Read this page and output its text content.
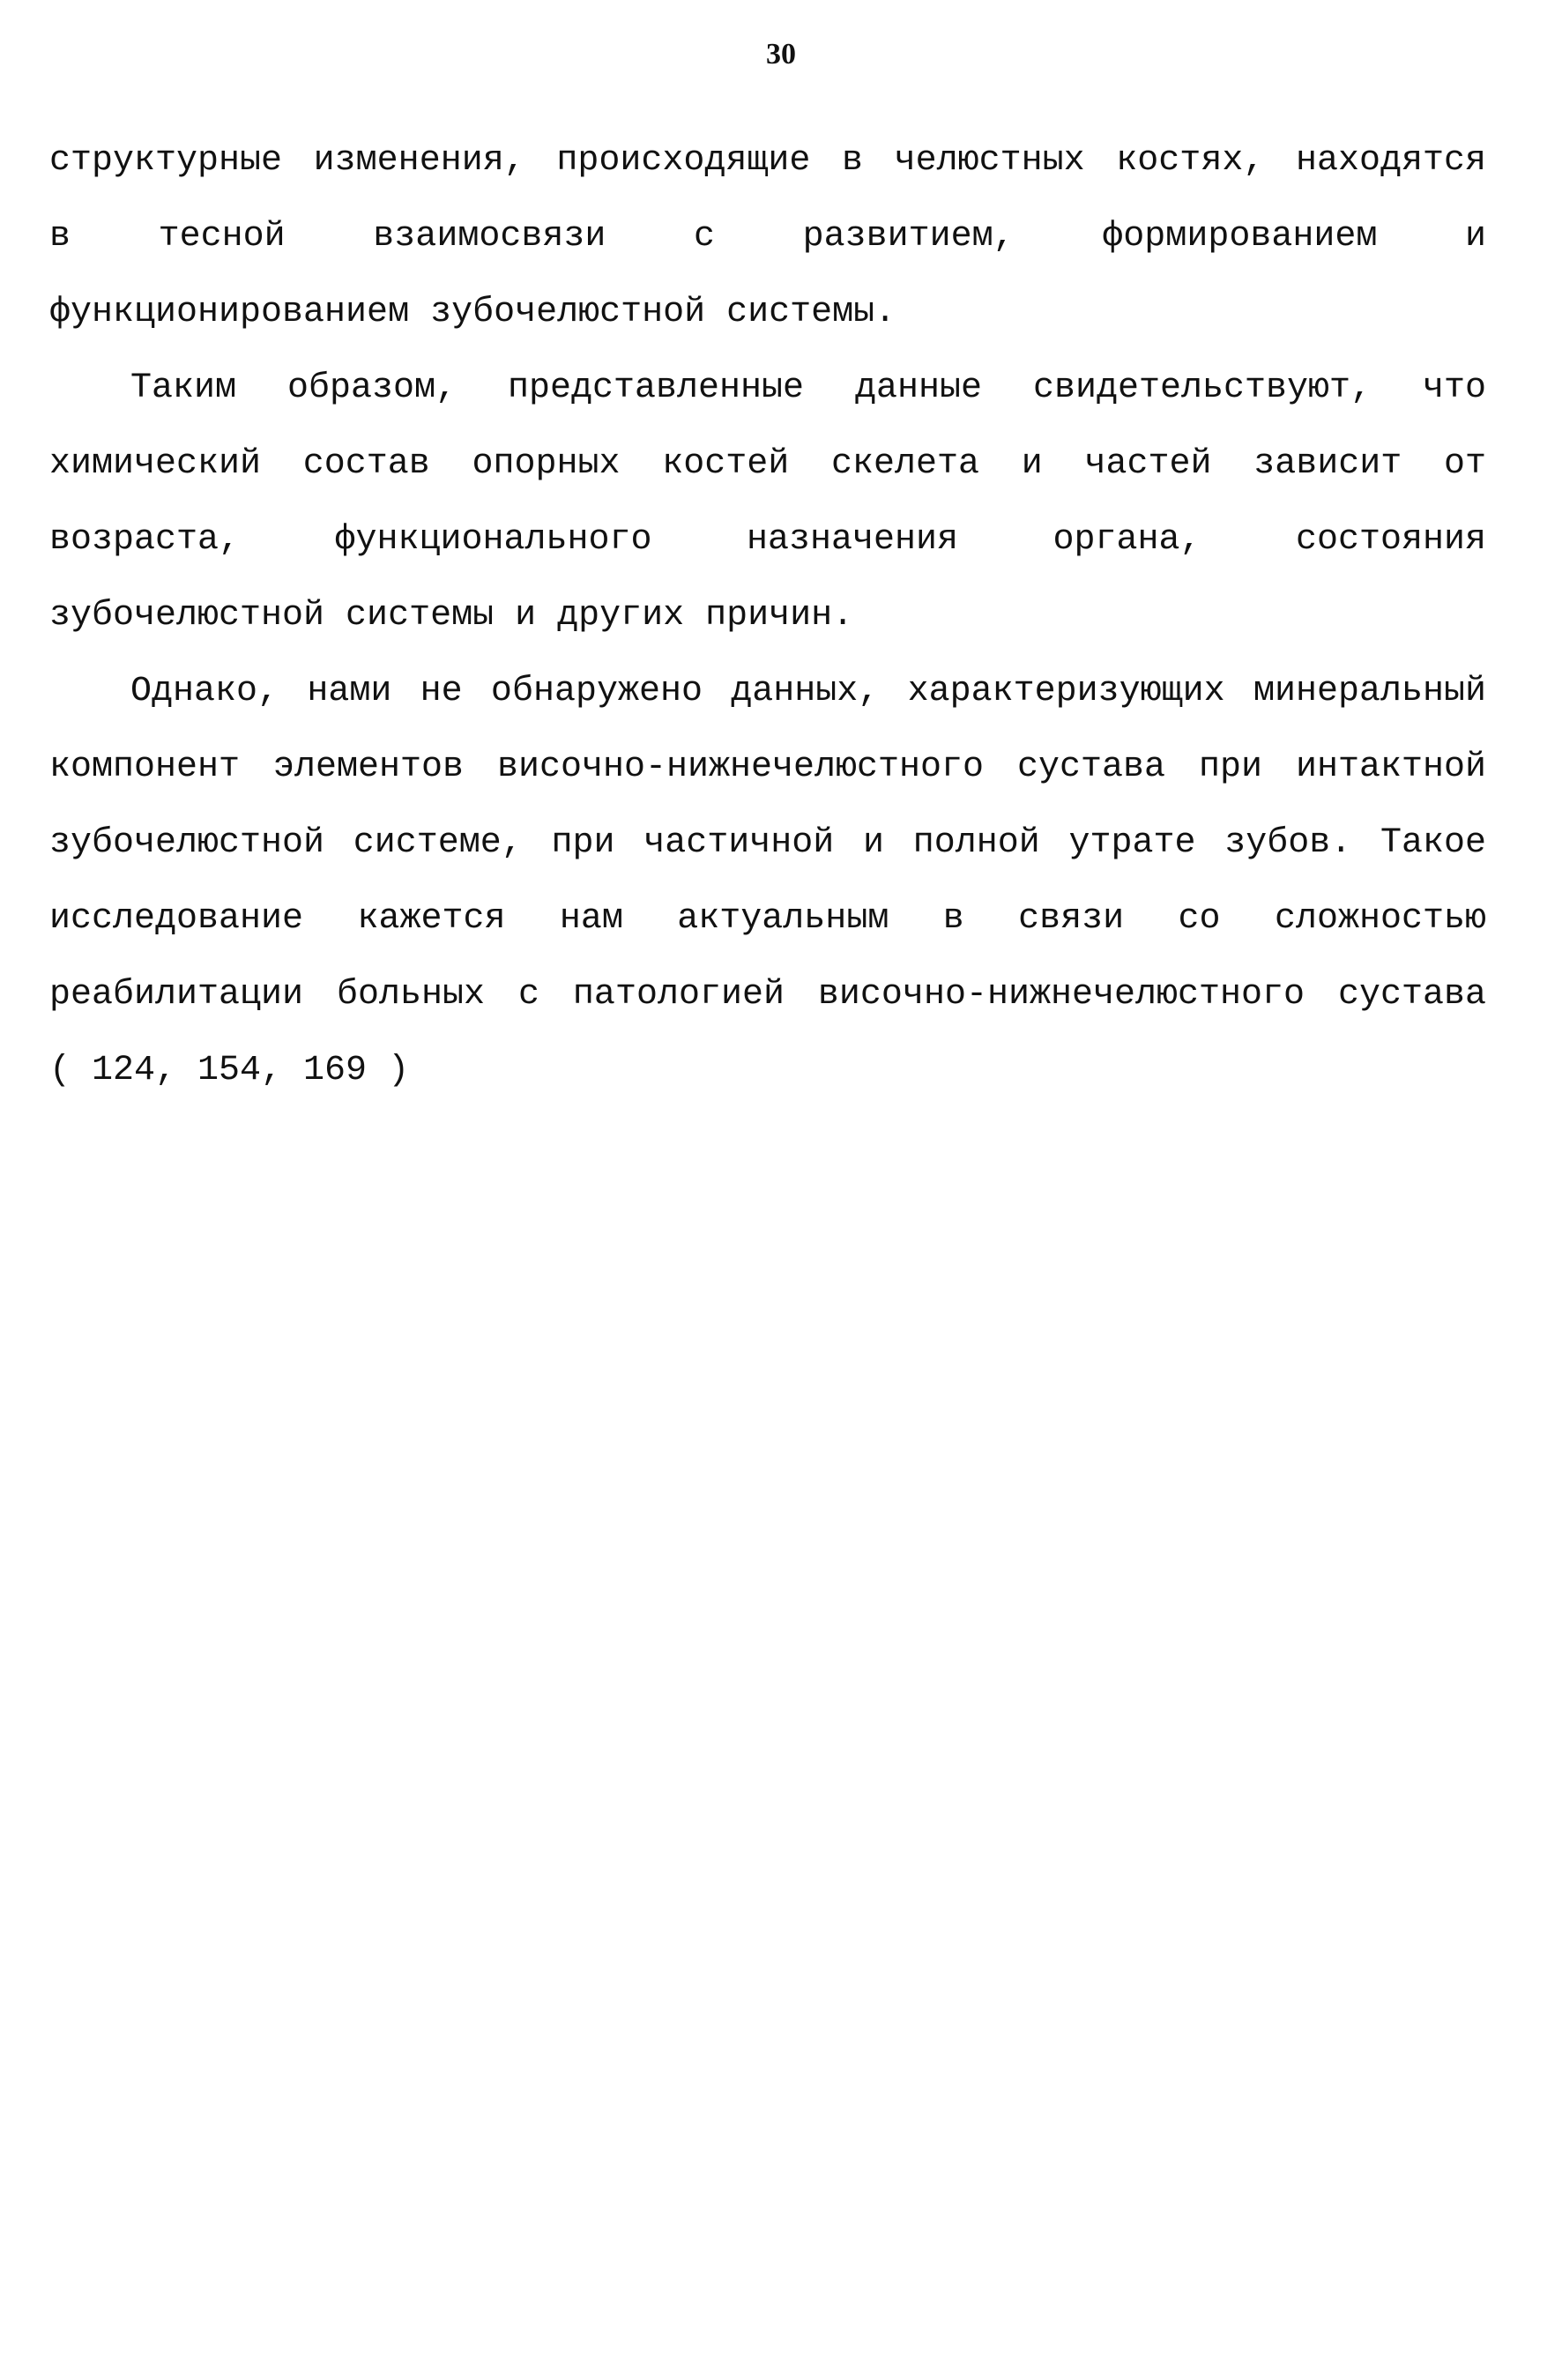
30
структурные изменения, происходящие в челюстных костях, находятся
в тесной взаимосвязи с развитием, формированием и
функционированием зубочелюстной системы.
Таким образом, представленные данные свидетельствуют, что
химический состав опорных костей скелета и частей зависит от
возраста, функционального назначения органа, состояния
зубочелюстной системы и других причин.
Однако, нами не обнаружено данных, характеризующих минеральный
компонент элементов височно-нижнечелюстного сустава при интактной
зубочелюстной системе, при частичной и полной утрате зубов. Такое
исследование кажется нам актуальным в связи со сложностью
реабилитации больных с патологией височно-нижнечелюстного сустава
( 124, 154, 169 )
